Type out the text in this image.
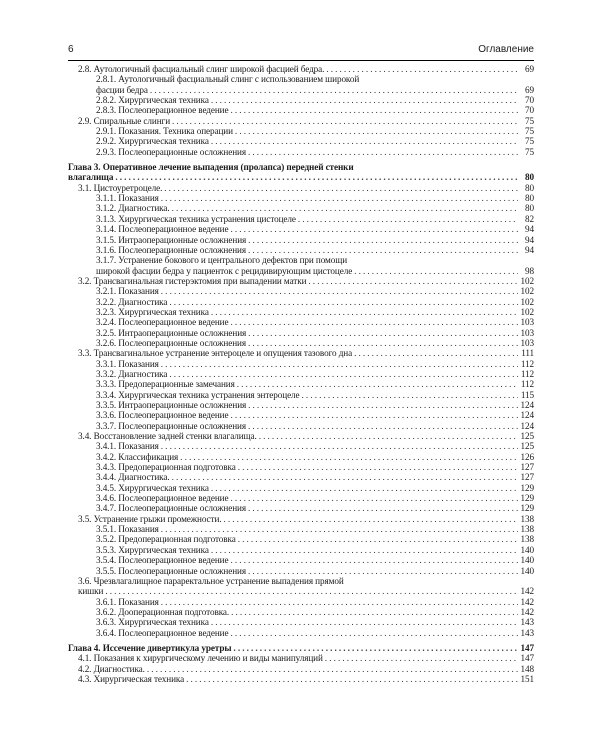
6	Оглавление
2.8. Аутологичный фасциальный слинг широкой фасцией бедра. . . .	69
2.8.1. Аутологичный фасциальный слинг с использованием широкой
фасции бедра . . .	69
2.8.2. Хирургическая техника . . .	70
2.8.3. Послеоперационное ведение . . .	70
2.9. Спиральные слинги . . .	75
2.9.1. Показания. Техника операции . . .	75
2.9.2. Хирургическая техника . . .	75
2.9.3. Послеоперационные осложнения . . .	75
Глава 3. Оперативное лечение выпадения (пролапса) передней стенки
влагалища . . .	80
3.1. Цистоуретроцеле. . . .	80
3.1.1. Показания . . .	80
3.1.2. Диагностика. . . .	80
3.1.3. Хирургическая техника устранения цистоцеле . . .	82
3.1.4. Послеоперационное ведение . . .	94
3.1.5. Интраоперационные осложнения . . .	94
3.1.6. Послеоперационные осложнения . . .	94
3.1.7. Устранение бокового и центрального дефектов при помощи
широкой фасции бедра у пациенток с рецидивирующим цистоцеле . . .	98
3.2. Трансвагинальная гистерэктомия при выпадении матки . . .	102
3.2.1. Показания . . .	102
3.2.2. Диагностика . . .	102
3.2.3. Хирургическая техника . . .	102
3.2.4. Послеоперационное ведение . . .	103
3.2.5. Интраоперационные осложнения . . .	103
3.2.6. Послеоперационные осложнения . . .	103
3.3. Трансвагинальное устранение энтероцеле и опущения тазового дна . . .	111
3.3.1. Показания . . .	112
3.3.2. Диагностика . . .	112
3.3.3. Предоперационные замечания . . .	112
3.3.4. Хирургическая техника устранения энтероцеле . . .	115
3.3.5. Интраоперационные осложнения . . .	124
3.3.6. Послеоперационное ведение . . .	124
3.3.7. Послеоперационные осложнения . . .	124
3.4. Восстановление задней стенки влагалища. . . .	125
3.4.1. Показания . . .	125
3.4.2. Классификация . . .	126
3.4.3. Предоперационная подготовка . . .	127
3.4.4. Диагностика. . . .	127
3.4.5. Хирургическая техника . . .	129
3.4.6. Послеоперационное ведение . . .	129
3.4.7. Послеоперационные осложнения . . .	129
3.5. Устранение грыжи промежности. . . .	138
3.5.1. Показания . . .	138
3.5.2. Предоперационная подготовка . . .	138
3.5.3. Хирургическая техника . . .	140
3.5.4. Послеоперационное ведение . . .	140
3.5.5. Послеоперационные осложнения . . .	140
3.6. Чрезвлагалищное параректальное устранение выпадения прямой
кишки . . .	142
3.6.1. Показания . . .	142
3.6.2. Дооперационная подготовка. . . .	142
3.6.3. Хирургическая техника . . .	143
3.6.4. Послеоперационное ведение . . .	143
Глава 4. Иссечение дивертикула уретры . . .	147
4.1. Показания к хирургическому лечению и виды манипуляций . . .	147
4.2. Диагностика. . . .	148
4.3. Хирургическая техника . . .	151
